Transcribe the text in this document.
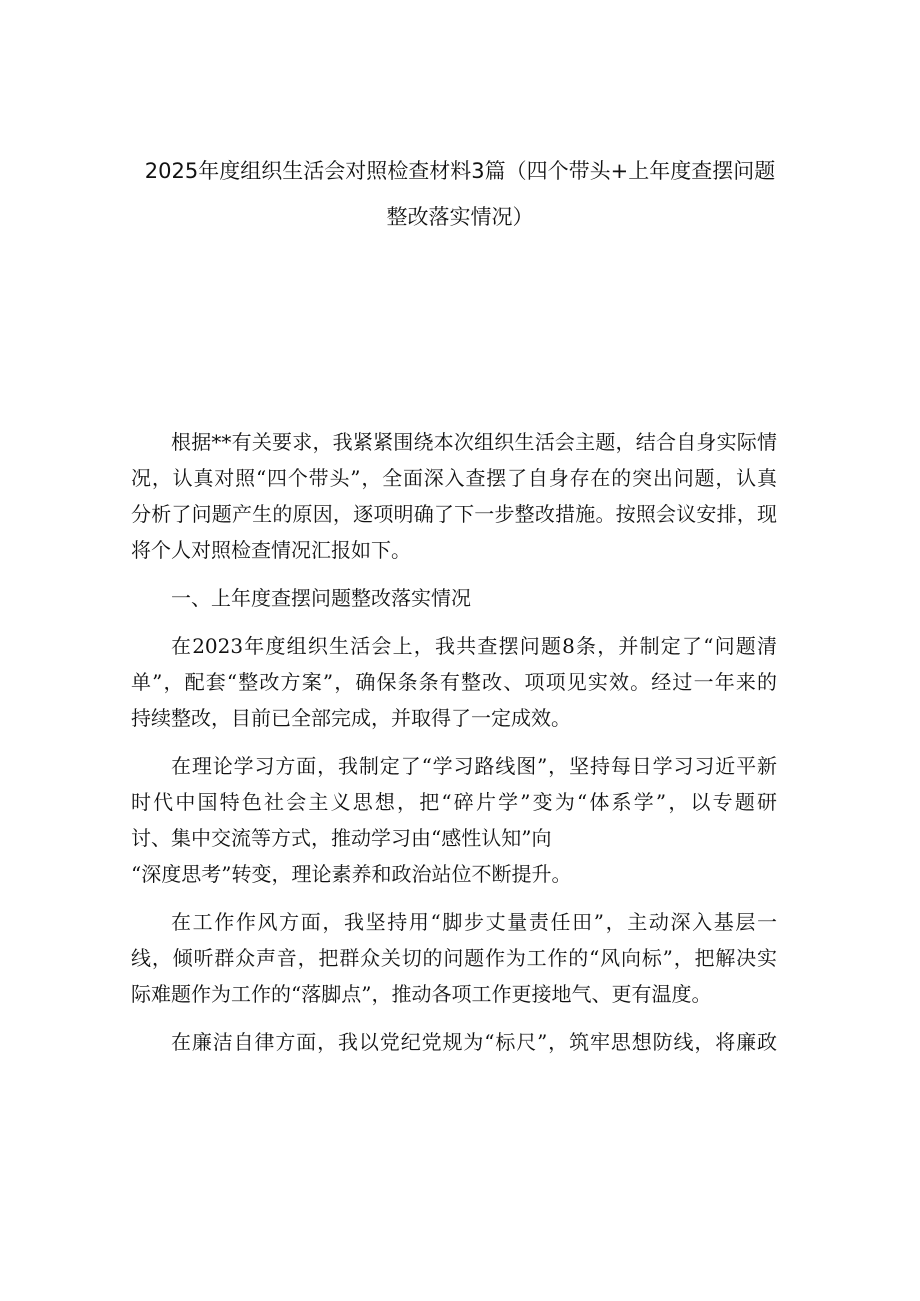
2025年度组织生活会对照检查材料3篇（四个带头+上年度查摆问题
整改落实情况）
根据**有关要求，我紧紧围绕本次组织生活会主题，结合自身实际情
况，认真对照“四个带头”，全面深入查摆了自身存在的突出问题，认真
分析了问题产生的原因，逐项明确了下一步整改措施。按照会议安排，现
将个人对照检查情况汇报如下。
一、上年度查摆问题整改落实情况
在2023年度组织生活会上，我共查摆问题8条，并制定了“问题清
单”，配套“整改方案”，确保条条有整改、项项见实效。经过一年来的
持续整改，目前已全部完成，并取得了一定成效。
在理论学习方面，我制定了“学习路线图”，坚持每日学习习近平新
时代中国特色社会主义思想，把“碎片学”变为“体系学”，以专题研
讨、集中交流等方式，推动学习由“感性认知”向
“深度思考”转变，理论素养和政治站位不断提升。
在工作作风方面，我坚持用“脚步丈量责任田”，主动深入基层一
线，倾听群众声音，把群众关切的问题作为工作的“风向标”，把解决实
际难题作为工作的“落脚点”，推动各项工作更接地气、更有温度。
在廉洁自律方面，我以党纪党规为“标尺”，筑牢思想防线，将廉政
